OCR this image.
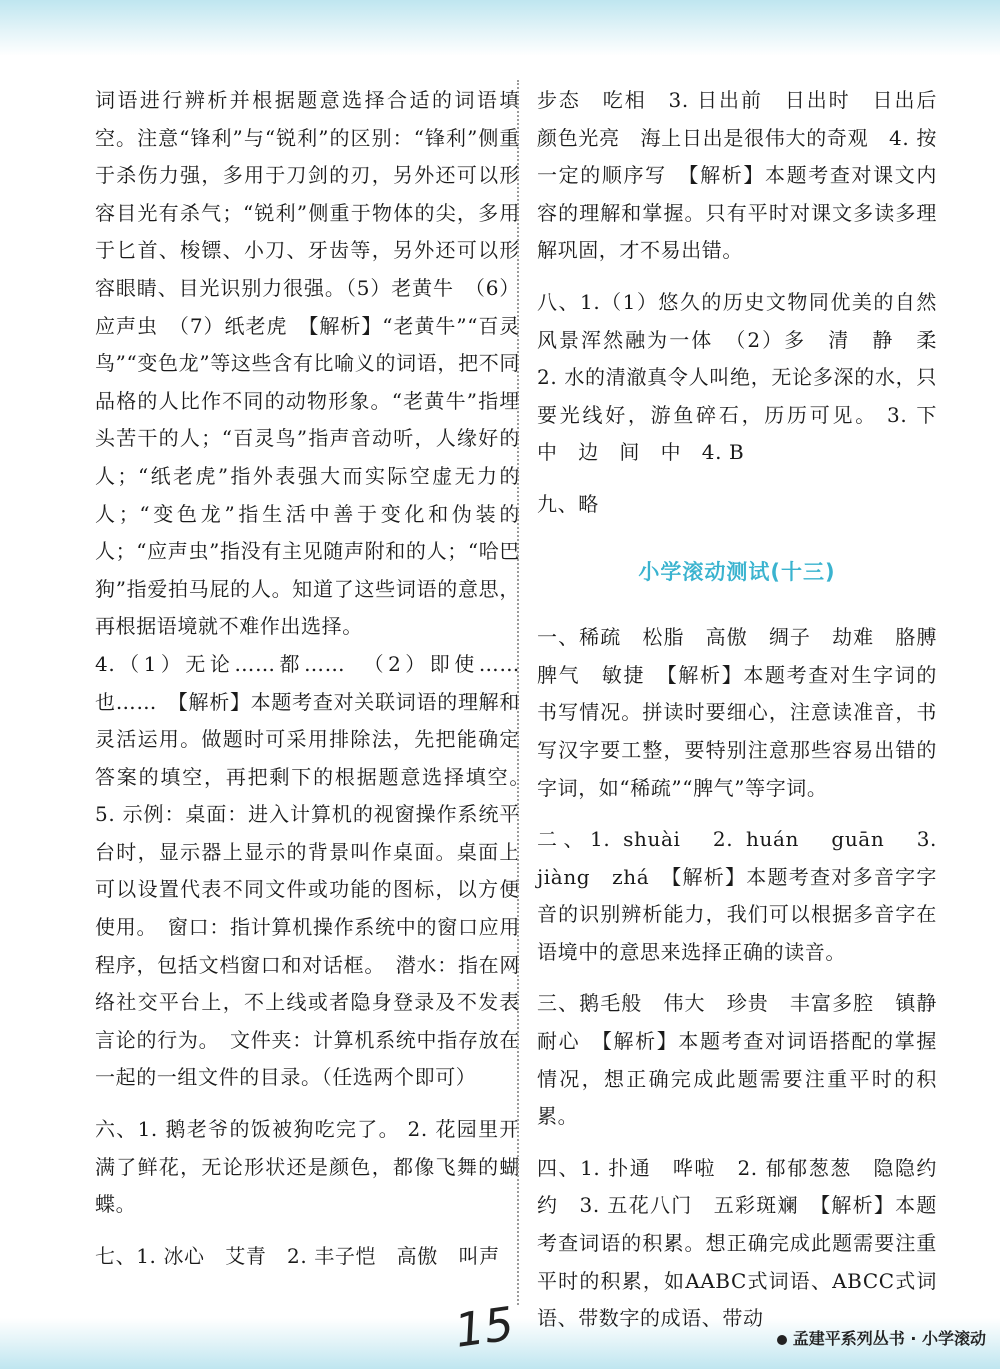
词语进行辨析并根据题意选择合适的词语填空。注意“锋利”与“锐利”的区别：“锋利”侧重于杀伤力强，多用于刀剑的刃，另外还可以形容目光有杀气；“锐利”侧重于物体的尖，多用于匕首、梭镖、小刀、牙齿等，另外还可以形容眼睛、目光识别力很强。（5）老黄牛　（6）应声虫　（7）纸老虎　【解析】“老黄牛”“百灵鸟”“变色龙”等这些含有比喻义的词语，把不同品格的人比作不同的动物形象。“老黄牛”指埋头苦干的人；“百灵鸟”指声音动听，人缘好的人；“纸老虎”指外表强大而实际空虚无力的人；“变色龙”指生活中善于变化和伪装的人；“应声虫”指没有主见随声附和的人；“哈巴狗”指爱拍马屁的人。知道了这些词语的意思，再根据语境就不难作出选择。

4.（1）无论……都……　（2）即使……也……　【解析】本题考查对关联词语的理解和灵活运用。做题时可采用排除法，先把能确定答案的填空，再把剩下的根据题意选择填空。　5. 示例：桌面：进入计算机的视窗操作系统平台时，显示器上显示的背景叫作桌面。桌面上可以设置代表不同文件或功能的图标，以方便使用。　窗口：指计算机操作系统中的窗口应用程序，包括文档窗口和对话框。　潜水：指在网络社交平台上，不上线或者隐身登录及不发表言论的行为。　文件夹：计算机系统中指存放在一起的一组文件的目录。（任选两个即可）

六、1. 鹅老爷的饭被狗吃完了。 2. 花园里开满了鲜花，无论形状还是颜色，都像飞舞的蝴蝶。

七、1. 冰心　艾青　2. 丰子恺　高傲　叫声

步态　吃相　3. 日出前　日出时　日出后　颜色光亮　海上日出是很伟大的奇观　4. 按一定的顺序写　【解析】本题考查对课文内容的理解和掌握。只有平时对课文多读多理解巩固，才不易出错。

八、1.（1）悠久的历史文物同优美的自然风景浑然融为一体　（2）多　清　静　柔　2. 水的清澈真令人叫绝，无论多深的水，只要光线好，游鱼碎石，历历可见。 3. 下　中　边　间　中　4. B

九、略

小学滚动测试(十三)

一、稀疏　松脂　高傲　绸子　劫难　胳膊　脾气　敏捷　【解析】本题考查对生字词的书写情况。拼读时要细心，注意读准音，书写汉字要工整，要特别注意那些容易出错的字词，如“稀疏”“脾气”等字词。

二、1. shuài　2. huán　guān　3. jiàng　zhá　【解析】本题考查对多音字字音的识别辨析能力，我们可以根据多音字在语境中的意思来选择正确的读音。

三、鹅毛般　伟大　珍贵　丰富多腔　镇静耐心　【解析】本题考查对词语搭配的掌握情况，想正确完成此题需要注重平时的积累。

四、1. 扑通　哗啦　2. 郁郁葱葱　隐隐约约　3. 五花八门　五彩斑斓　【解析】本题考查词语的积累。想正确完成此题需要注重平时的积累，如AABC式词语、ABCC式词语、带数字的成语、带动

15	孟建平系列丛书 · 小学滚动
